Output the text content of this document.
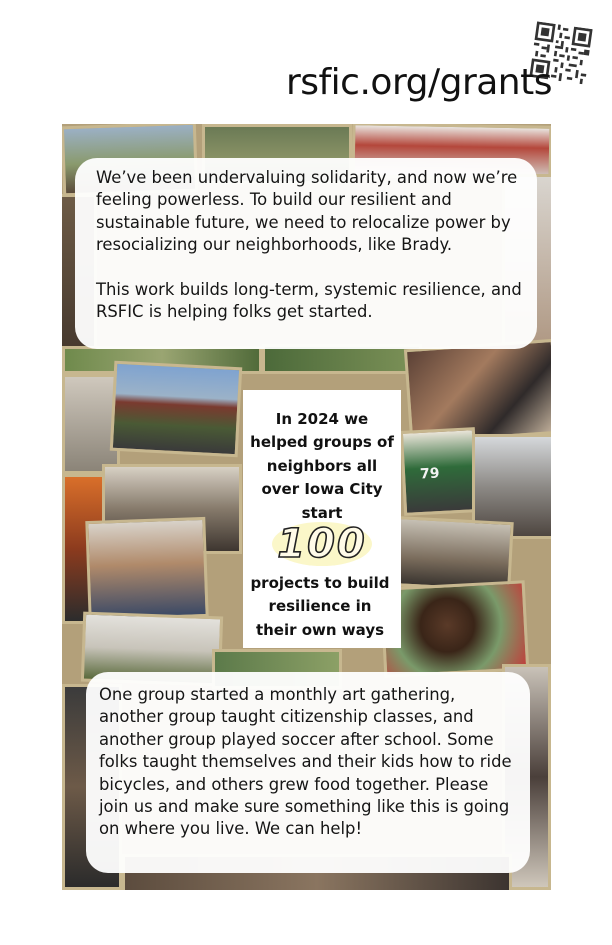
rsfic.org/grants
79

We’ve been undervaluing solidarity, and now we’re feeling powerless. To build our resilient and sustainable future, we need to relocalize power by resocializing our neighborhoods, like Brady.

This work builds long-term, systemic resilience, and RSFIC is helping folks get started.

In 2024 we helped groups of neighbors all over Iowa City start
100
projects to build resilience in their own ways
One group started a monthly art gathering, another group taught citizenship classes, and another group played soccer after school. Some folks taught themselves and their kids how to ride bicycles, and others grew food together. Please join us and make sure something like this is going on where you live. We can help!
